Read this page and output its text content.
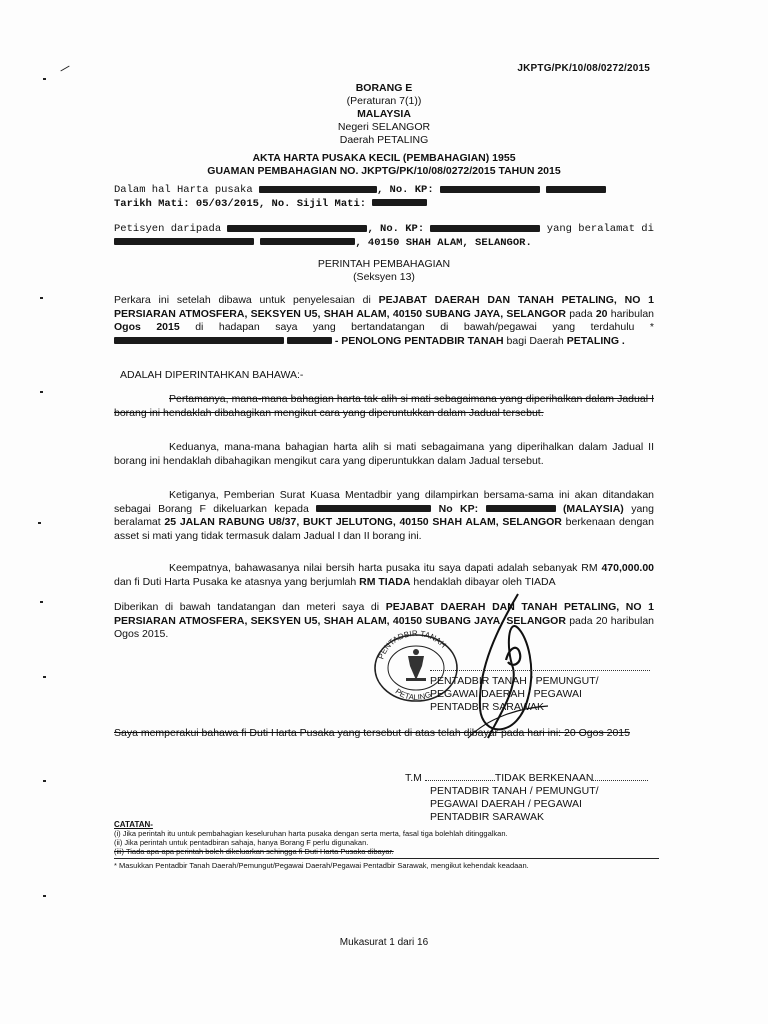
JKPTG/PK/10/08/0272/2015
BORANG E
(Peraturan 7(1))
MALAYSIA
Negeri SELANGOR
Daerah PETALING
AKTA HARTA PUSAKA KECIL (PEMBAHAGIAN) 1955
GUAMAN PEMBAHAGIAN NO. JKPTG/PK/10/08/0272/2015 TAHUN 2015
Dalam hal Harta pusaka	, No. KP:
Tarikh Mati: 05/03/2015, No. Sijil Mati:
Petisyen daripada	, No. KP:	yang beralamat di
, 40150 SHAH ALAM, SELANGOR.
PERINTAH PEMBAHAGIAN
(Seksyen 13)
Perkara ini setelah dibawa untuk penyelesaian di PEJABAT DAERAH DAN TANAH PETALING, NO 1 PERSIARAN ATMOSFERA, SEKSYEN U5, SHAH ALAM, 40150 SUBANG JAYA, SELANGOR pada 20 haribulan Ogos 2015 di hadapan saya yang bertandatangan di bawah/pegawai yang terdahulu *   - PENOLONG PENTADBIR TANAH bagi Daerah PETALING .
ADALAH DIPERINTAHKAN BAHAWA:-
Pertamanya, mana-mana bahagian harta tak alih si mati sebagaimana yang diperihalkan dalam Jadual I borang ini hendaklah dibahagikan mengikut cara yang diperuntukkan dalam Jadual tersebut.
Keduanya, mana-mana bahagian harta alih si mati sebagaimana yang diperihalkan dalam Jadual II borang ini hendaklah dibahagikan mengikut cara yang diperuntukkan dalam Jadual tersebut.
Ketiganya, Pemberian Surat Kuasa Mentadbir yang dilampirkan bersama-sama ini akan ditandakan sebagai Borang F dikeluarkan kepada	No KP:	(MALAYSIA) yang beralamat 25 JALAN RABUNG U8/37, BUKT JELUTONG, 40150 SHAH ALAM, SELANGOR berkenaan dengan asset si mati yang tidak termasuk dalam Jadual I dan II borang ini.
Keempatnya, bahawasanya nilai bersih harta pusaka itu saya dapati adalah sebanyak RM 470,000.00 dan fi Duti Harta Pusaka ke atasnya yang berjumlah RM TIADA hendaklah dibayar oleh TIADA
Diberikan di bawah tandatangan dan meteri saya di PEJABAT DAERAH DAN TANAH PETALING, NO 1 PERSIARAN ATMOSFERA, SEKSYEN U5, SHAH ALAM, 40150 SUBANG JAYA, SELANGOR pada 20 haribulan Ogos 2015.
PENTADBIR TANAH
PETALING
PENTADBIR TANAH / PEMUNGUT/
PEGAWAI DAERAH / PEGAWAI
PENTADBIR SARAWAK
Saya memperakui bahawa fi Duti Harta Pusaka yang tersebut di atas telah dibayar pada hari ini: 20 Ogos 2015
T.M	TIDAK BERKENAAN
PENTADBIR TANAH / PEMUNGUT/
PEGAWAI DAERAH / PEGAWAI
PENTADBIR SARAWAK
CATATAN-
(i) Jika perintah itu untuk pembahagian keseluruhan harta pusaka dengan serta merta, fasal tiga bolehlah ditinggalkan.
(ii) Jika perintah untuk pentadbiran sahaja, hanya Borang F perlu digunakan.
(iii) Tiada apa-apa perintah boleh dikeluarkan sehingga fi Duti Harta Pusaka dibayar.
* Masukkan Pentadbir Tanah Daerah/Pemungut/Pegawai Daerah/Pegawai Pentadbir Sarawak, mengikut kehendak keadaan.
Mukasurat 1 dari 16
